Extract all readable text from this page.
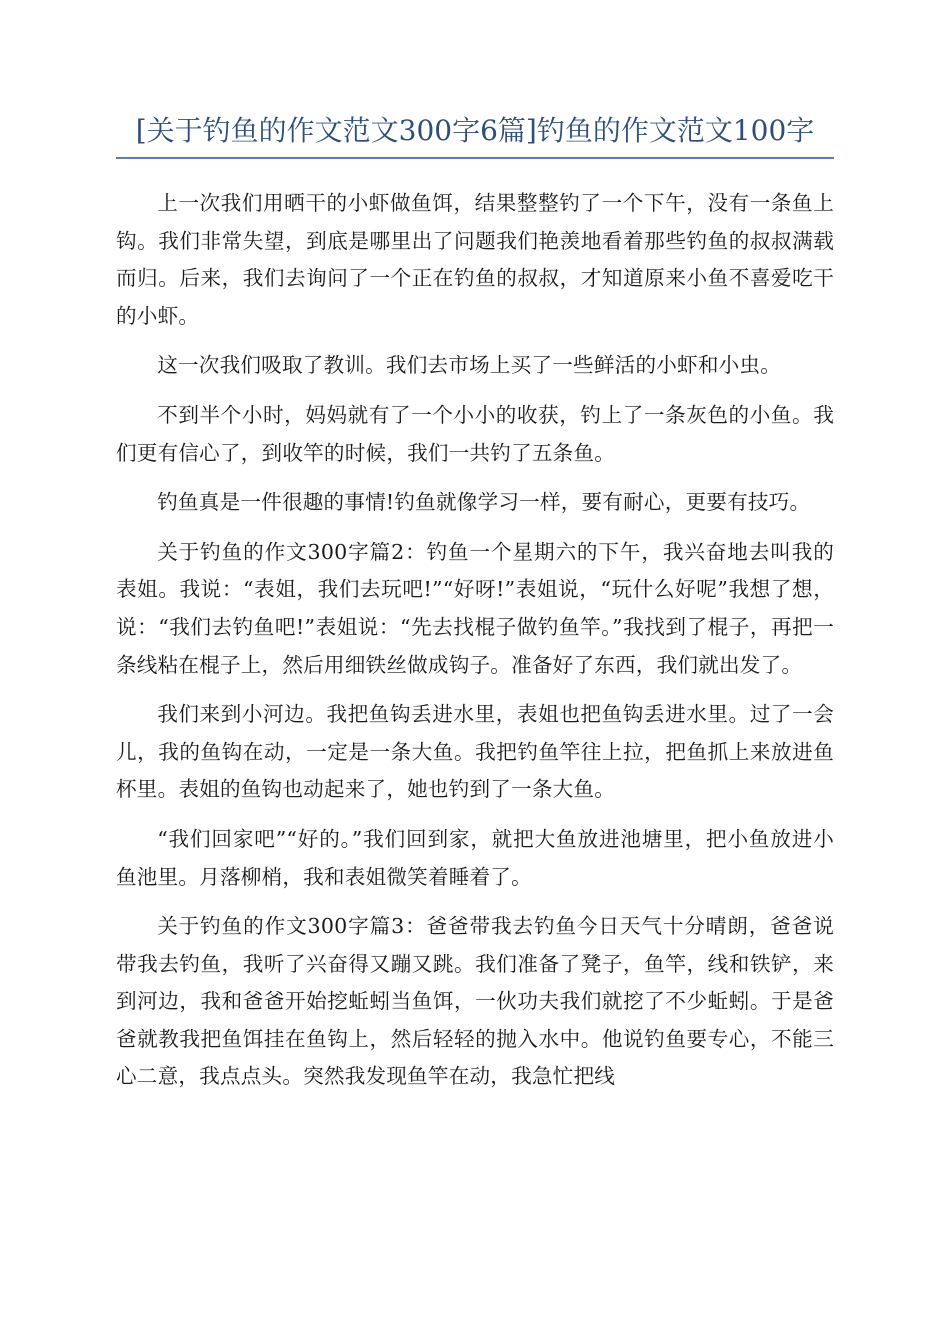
[关于钓鱼的作文范文300字6篇]钓鱼的作文范文100字

上一次我们用晒干的小虾做鱼饵，结果整整钓了一个下午，没有一条鱼上钩。我们非常失望，到底是哪里出了问题我们艳羡地看着那些钓鱼的叔叔满载而归。后来，我们去询问了一个正在钓鱼的叔叔，才知道原来小鱼不喜爱吃干的小虾。

这一次我们吸取了教训。我们去市场上买了一些鲜活的小虾和小虫。

不到半个小时，妈妈就有了一个小小的收获，钓上了一条灰色的小鱼。我们更有信心了，到收竿的时候，我们一共钓了五条鱼。

钓鱼真是一件很趣的事情!钓鱼就像学习一样，要有耐心，更要有技巧。

关于钓鱼的作文300字篇2：钓鱼一个星期六的下午，我兴奋地去叫我的表姐。我说：“表姐，我们去玩吧!”“好呀!”表姐说，“玩什么好呢”我想了想，说：“我们去钓鱼吧!”表姐说：“先去找棍子做钓鱼竿。”我找到了棍子，再把一条线粘在棍子上，然后用细铁丝做成钩子。准备好了东西，我们就出发了。

我们来到小河边。我把鱼钩丢进水里，表姐也把鱼钩丢进水里。过了一会儿，我的鱼钩在动，一定是一条大鱼。我把钓鱼竿往上拉，把鱼抓上来放进鱼杯里。表姐的鱼钩也动起来了，她也钓到了一条大鱼。

“我们回家吧”“好的。”我们回到家，就把大鱼放进池塘里，把小鱼放进小鱼池里。月落柳梢，我和表姐微笑着睡着了。

关于钓鱼的作文300字篇3：爸爸带我去钓鱼今日天气十分晴朗，爸爸说带我去钓鱼，我听了兴奋得又蹦又跳。我们准备了凳子，鱼竿，线和铁铲，来到河边，我和爸爸开始挖蚯蚓当鱼饵，一伙功夫我们就挖了不少蚯蚓。于是爸爸就教我把鱼饵挂在鱼钩上，然后轻轻的抛入水中。他说钓鱼要专心，不能三心二意，我点点头。突然我发现鱼竿在动，我急忙把线
